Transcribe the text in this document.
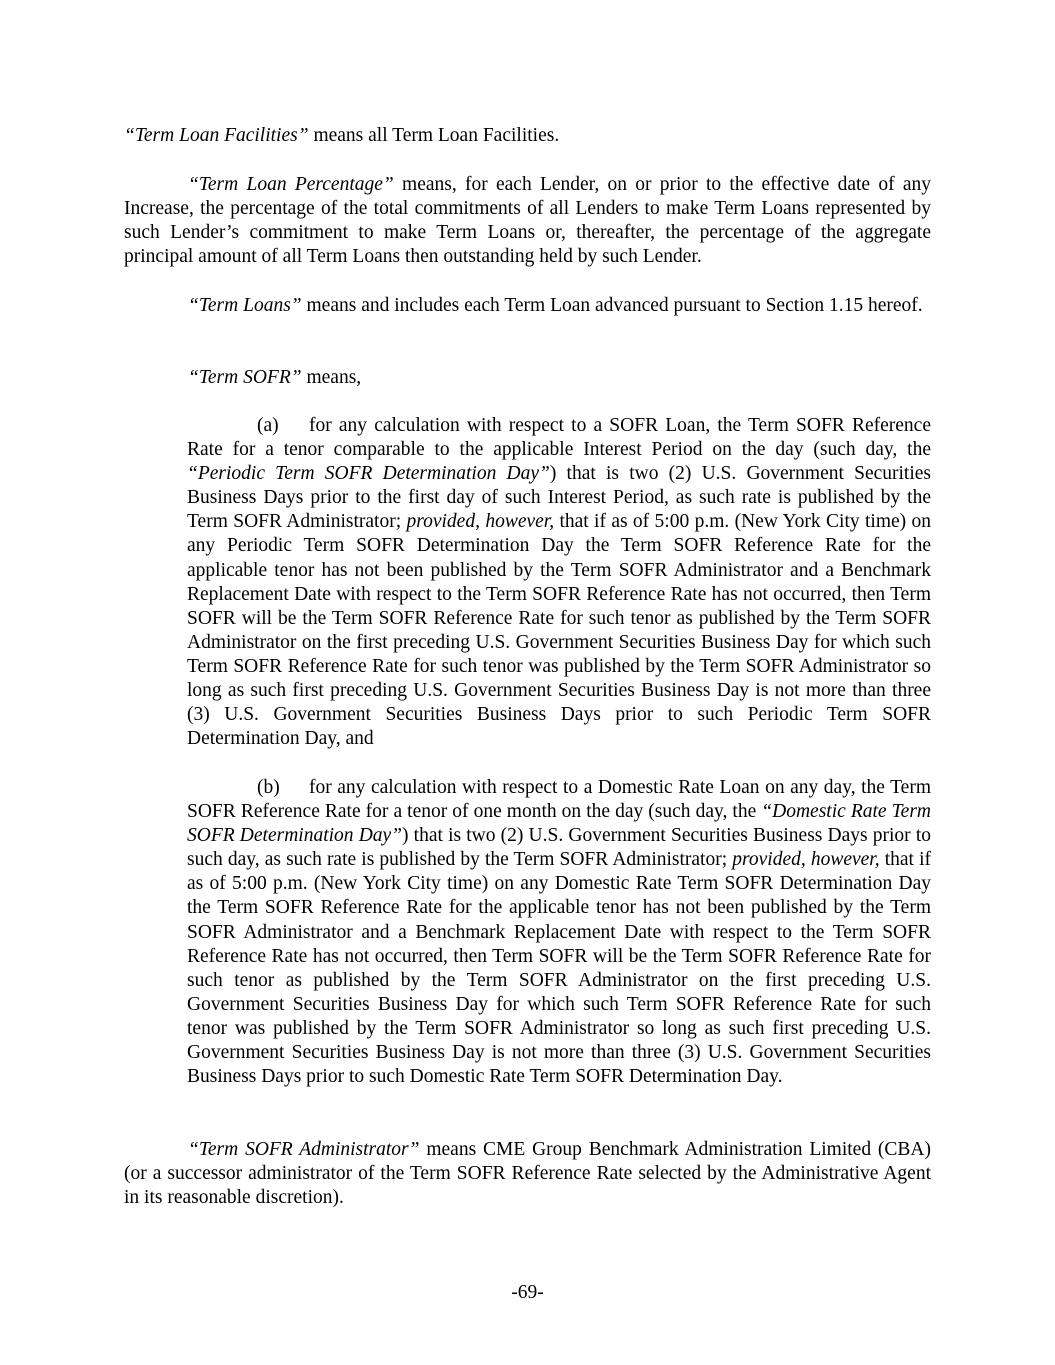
“Term Loan Facilities” means all Term Loan Facilities.

“Term Loan Percentage” means, for each Lender, on or prior to the effective date of any Increase, the percentage of the total commitments of all Lenders to make Term Loans represented by such Lender’s commitment to make Term Loans or, thereafter, the percentage of the aggregate principal amount of all Term Loans then outstanding held by such Lender.

“Term Loans” means and includes each Term Loan advanced pursuant to Section 1.15 hereof.

“Term SOFR” means,

(a) for any calculation with respect to a SOFR Loan, the Term SOFR Reference Rate for a tenor comparable to the applicable Interest Period on the day (such day, the “Periodic Term SOFR Determination Day”) that is two (2) U.S. Government Securities Business Days prior to the first day of such Interest Period, as such rate is published by the Term SOFR Administrator; provided, however, that if as of 5:00 p.m. (New York City time) on any Periodic Term SOFR Determination Day the Term SOFR Reference Rate for the applicable tenor has not been published by the Term SOFR Administrator and a Benchmark Replacement Date with respect to the Term SOFR Reference Rate has not occurred, then Term SOFR will be the Term SOFR Reference Rate for such tenor as published by the Term SOFR Administrator on the first preceding U.S. Government Securities Business Day for which such Term SOFR Reference Rate for such tenor was published by the Term SOFR Administrator so long as such first preceding U.S. Government Securities Business Day is not more than three (3) U.S. Government Securities Business Days prior to such Periodic Term SOFR Determination Day, and

(b) for any calculation with respect to a Domestic Rate Loan on any day, the Term SOFR Reference Rate for a tenor of one month on the day (such day, the “Domestic Rate Term SOFR Determination Day”) that is two (2) U.S. Government Securities Business Days prior to such day, as such rate is published by the Term SOFR Administrator; provided, however, that if as of 5:00 p.m. (New York City time) on any Domestic Rate Term SOFR Determination Day the Term SOFR Reference Rate for the applicable tenor has not been published by the Term SOFR Administrator and a Benchmark Replacement Date with respect to the Term SOFR Reference Rate has not occurred, then Term SOFR will be the Term SOFR Reference Rate for such tenor as published by the Term SOFR Administrator on the first preceding U.S. Government Securities Business Day for which such Term SOFR Reference Rate for such tenor was published by the Term SOFR Administrator so long as such first preceding U.S. Government Securities Business Day is not more than three (3) U.S. Government Securities Business Days prior to such Domestic Rate Term SOFR Determination Day.

“Term SOFR Administrator” means CME Group Benchmark Administration Limited (CBA) (or a successor administrator of the Term SOFR Reference Rate selected by the Administrative Agent in its reasonable discretion).

-69-
